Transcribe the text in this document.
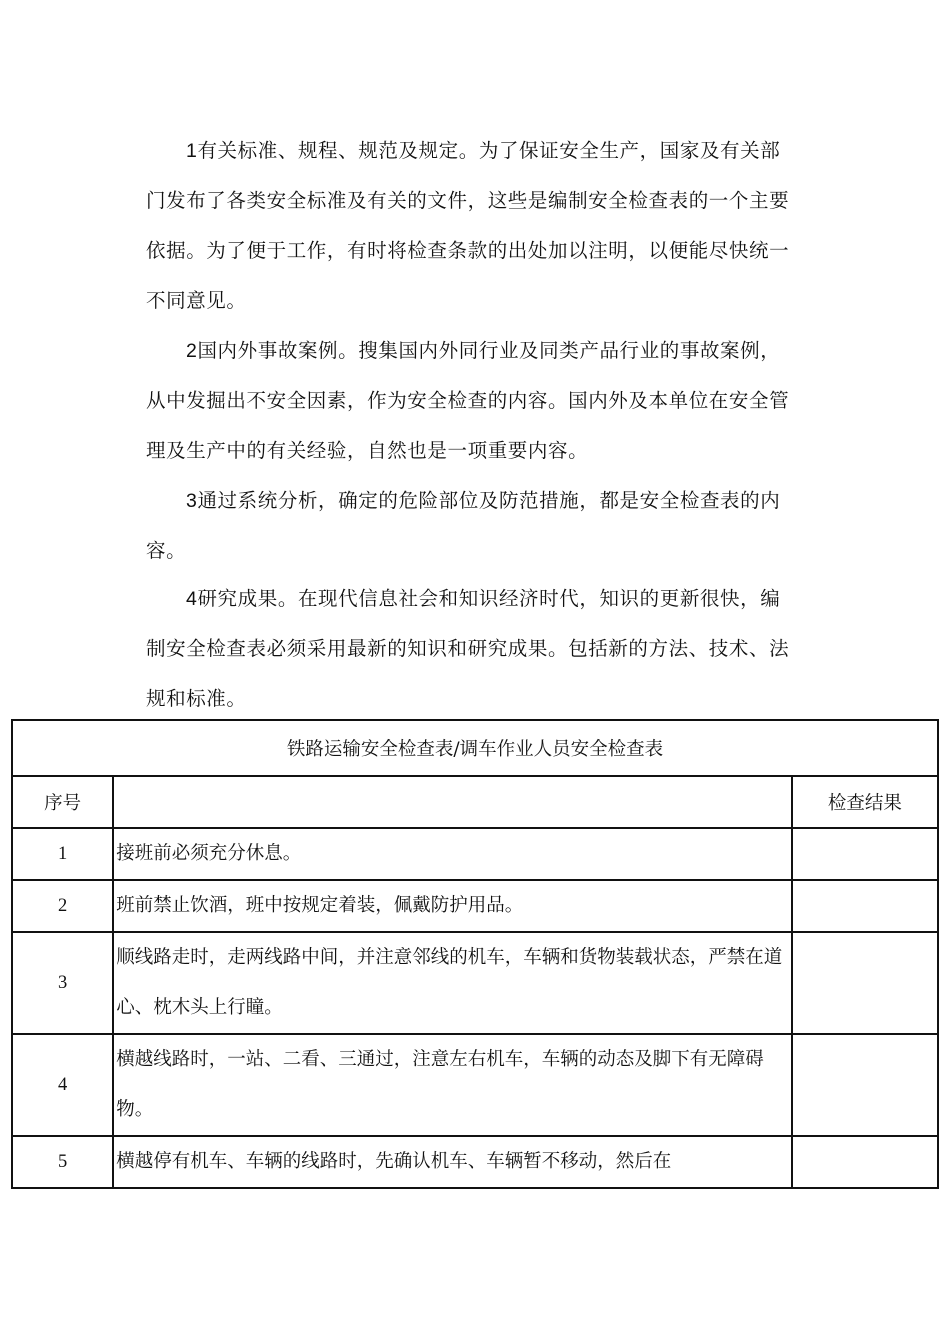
1有关标准、规程、规范及规定。为了保证安全生产，国家及有关部门发布了各类安全标准及有关的文件，这些是编制安全检查表的一个主要依据。为了便于工作，有时将检查条款的出处加以注明，以便能尽快统一不同意见。

2国内外事故案例。搜集国内外同行业及同类产品行业的事故案例，从中发掘出不安全因素，作为安全检查的内容。国内外及本单位在安全管理及生产中的有关经验，自然也是一项重要内容。

3通过系统分析，确定的危险部位及防范措施，都是安全检查表的内容。

4研究成果。在现代信息社会和知识经济时代，知识的更新很快，编制安全检查表必须采用最新的知识和研究成果。包括新的方法、技术、法规和标准。

铁路运输安全检查表/调车作业人员安全检查表		
序号		检查结果
1	接班前必须充分休息。	
2	班前禁止饮酒，班中按规定着装，佩戴防护用品。	
3	顺线路走时，走两线路中间，并注意邻线的机车，车辆和货物装载状态，严禁在道心、枕木头上行瞳。	
4	横越线路时，一站、二看、三通过，注意左右机车，车辆的动态及脚下有无障碍物。	
5	横越停有机车、车辆的线路时，先确认机车、车辆暂不移动，然后在	
